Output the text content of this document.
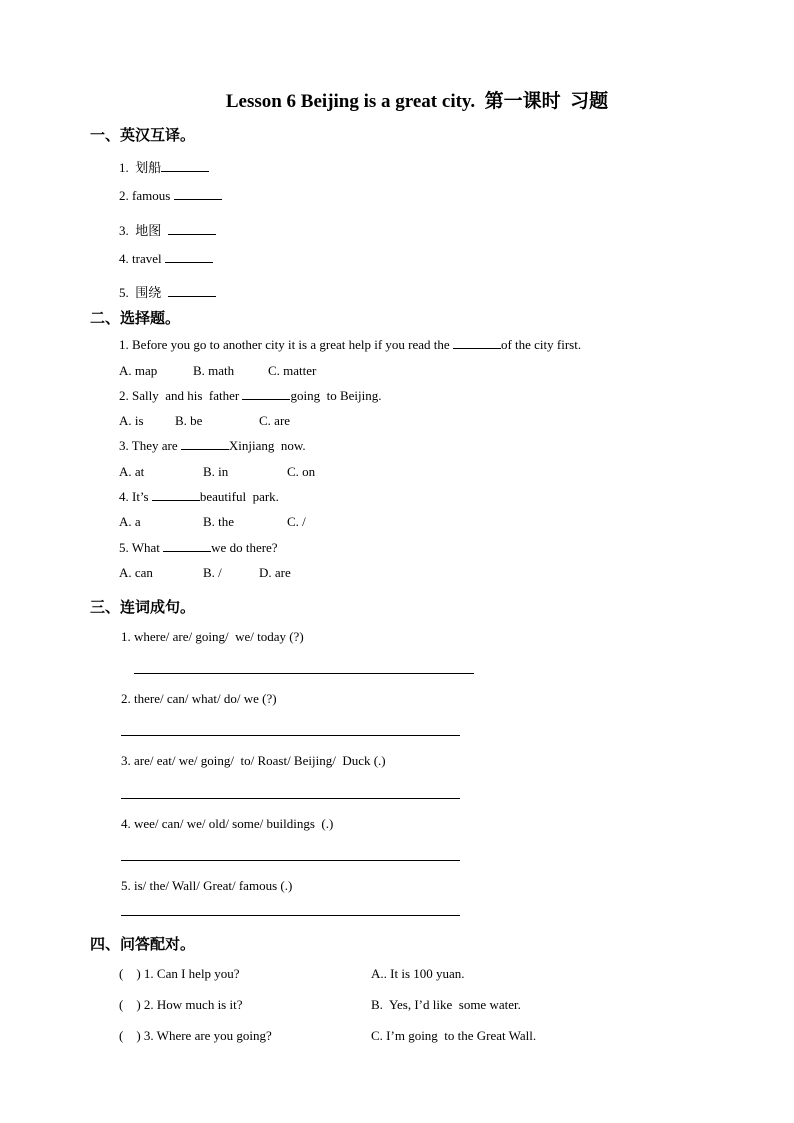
Lesson 6 Beijing is a great city.  第一课时  习题
一、英汉互译。
1.  划船
2. famous
3.  地图
4. travel
5.  围绕
二、选择题。
1. Before you go to another city it is a great help if you read the	of the city first.
A. map	B. math	C. matter
2. Sally  and his  father	going  to Beijing.
A. is B. be	C. are
3. They are	Xinjiang  now.
A. at	B. in	C. on
4. It’s	beautiful  park.
A. a	B. the	C. /
5. What	we do there?
A. can	B. /	D. are
三、连词成句。
1. where/ are/ going/  we/ today (?)
2. there/ can/ what/ do/ we (?)
3. are/ eat/ we/ going/  to/ Roast/ Beijing/  Duck (.)
4. wee/ can/ we/ old/ some/ buildings  (.)
5. is/ the/ Wall/ Great/ famous (.)
四、问答配对。
(    ) 1. Can I help you?	A.. It is 100 yuan.
(    ) 2. How much is it?	B.  Yes, I’d like  some water.
(    ) 3. Where are you going?	C. I’m going  to the Great Wall.
